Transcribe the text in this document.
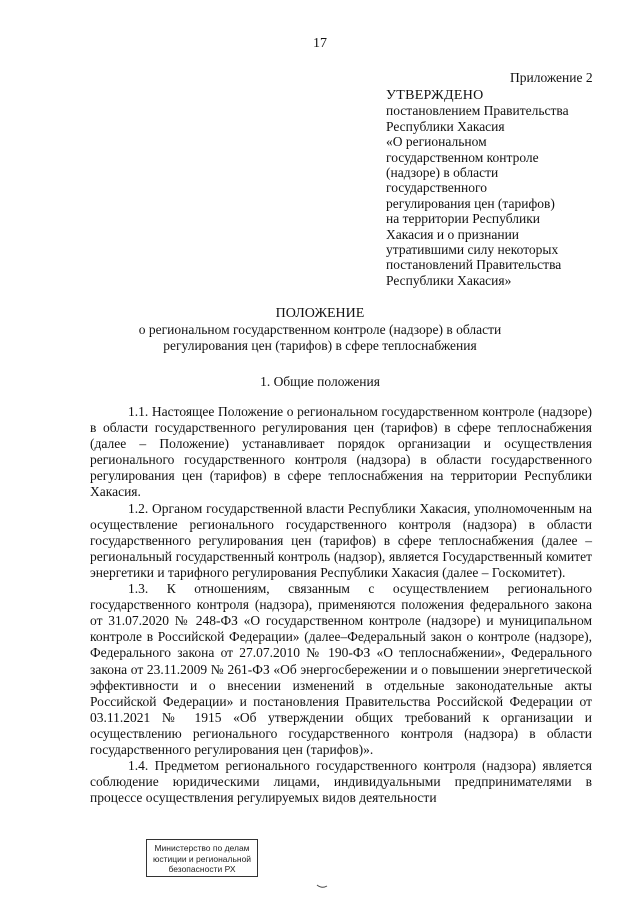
17
Приложение 2
УТВЕРЖДЕНО
постановлением Правительства
Республики Хакасия
«О региональном
государственном контроле
(надзоре) в области
государственного
регулирования цен (тарифов)
на территории Республики
Хакасия и о признании
утратившими силу некоторых
постановлений Правительства
Республики Хакасия»
ПОЛОЖЕНИЕ
о региональном государственном контроле (надзоре) в области
регулирования цен (тарифов) в сфере теплоснабжения
1. Общие положения

1.1. Настоящее Положение о региональном государственном контроле (надзоре) в области государственного регулирования цен (тарифов) в сфере теплоснабжения (далее – Положение) устанавливает порядок организации и осуществления регионального государственного контроля (надзора) в области государственного регулирования цен (тарифов) в сфере теплоснабжения на территории Республики Хакасия.

1.2. Органом государственной власти Республики Хакасия, уполномоченным на осуществление регионального государственного контроля (надзора) в области государственного регулирования цен (тарифов) в сфере теплоснабжения (далее – региональный государственный контроль (надзор), является Государственный комитет энергетики и тарифного регулирования Республики Хакасия (далее – Госкомитет).

1.3. К отношениям, связанным с осуществлением регионального государственного контроля (надзора), применяются положения федерального закона от 31.07.2020 № 248-ФЗ «О государственном контроле (надзоре) и муниципальном контроле в Российской Федерации» (далее–Федеральный закон о контроле (надзоре), Федерального закона от 27.07.2010 № 190-ФЗ «О теплоснабжении», Федерального закона от 23.11.2009 № 261-ФЗ «Об энергосбережении и о повышении энергетической эффективности и о внесении изменений в отдельные законодательные акты Российской Федерации» и постановления Правительства Российской Федерации от 03.11.2021 № 1915 «Об утверждении общих требований к организации и осуществлению регионального государственного контроля (надзора) в области государственного регулирования цен (тарифов)».

1.4. Предметом регионального государственного контроля (надзора) является соблюдение юридическими лицами, индивидуальными предпринимателями в процессе осуществления регулируемых видов деятельности

Министерство по делам
юстиции и региональной
безопасности РХ
